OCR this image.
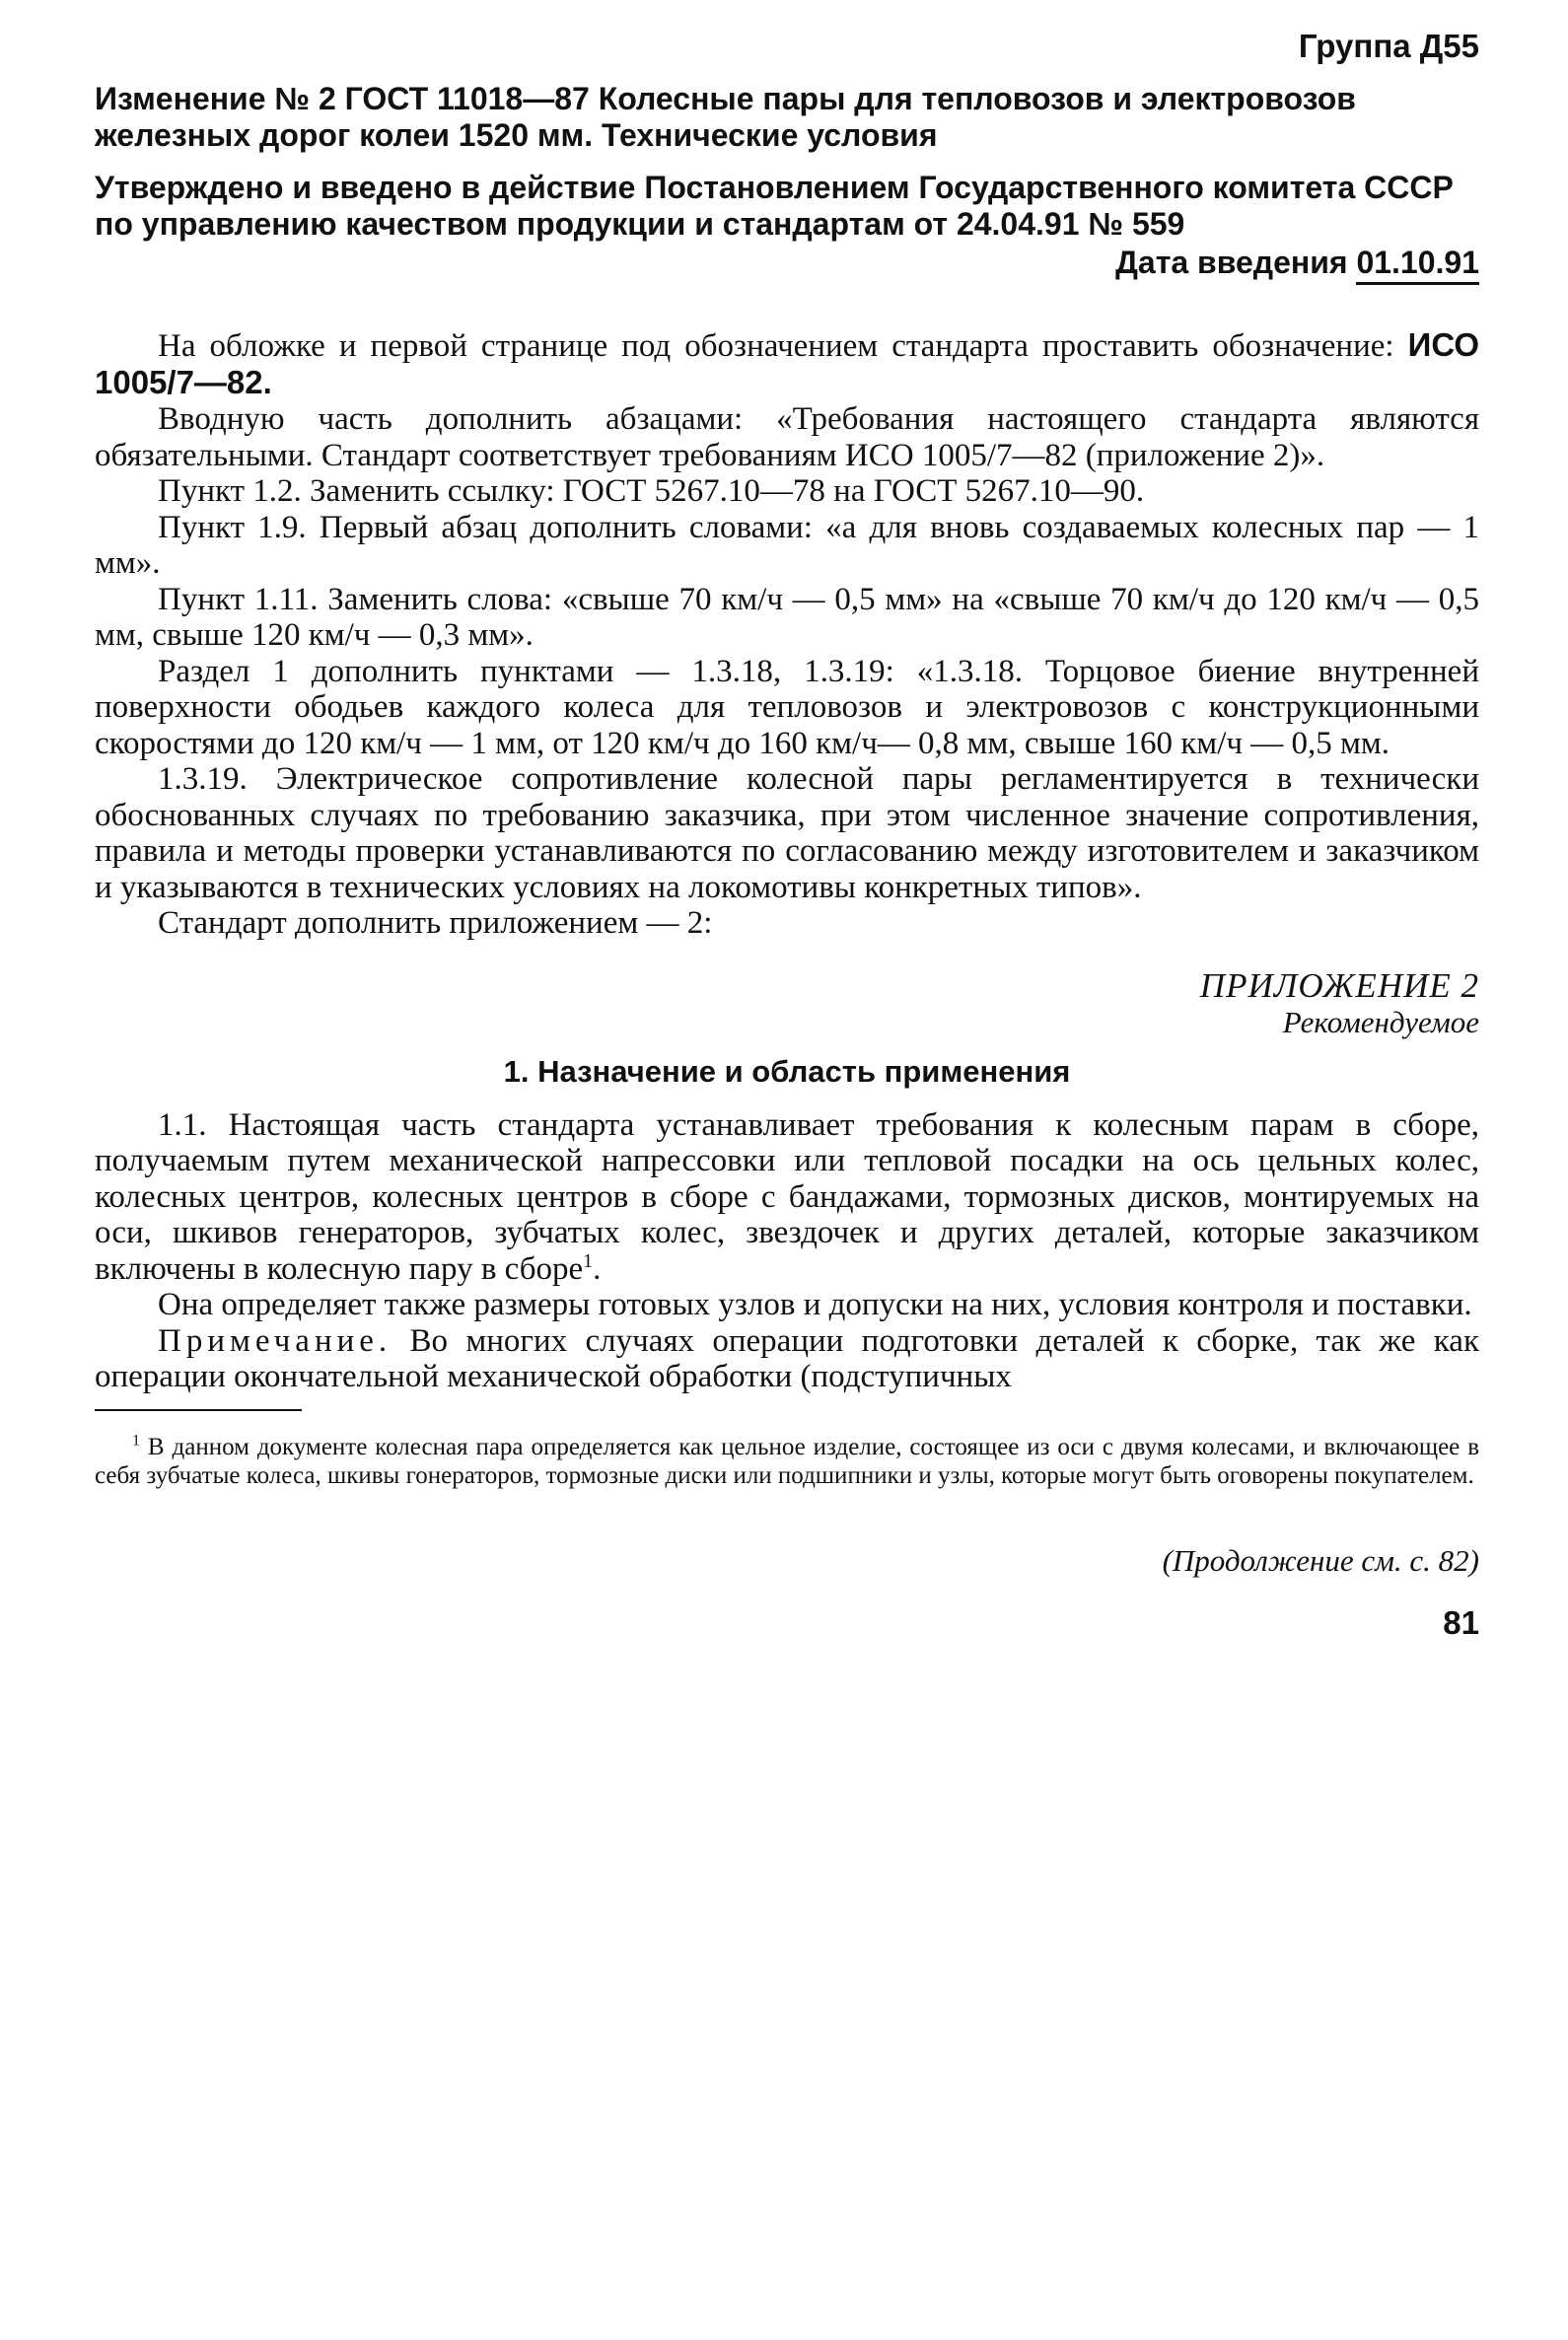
Группа Д55
Изменение № 2 ГОСТ 11018—87 Колесные пары для тепловозов и электровозов железных дорог колеи 1520 мм. Технические условия
Утверждено и введено в действие Постановлением Государственного комитета СССР по управлению качеством продукции и стандартам от 24.04.91 № 559
Дата введения 01.10.91

На обложке и первой странице под обозначением стандарта проставить обозначение: ИСО 1005/7—82.

Вводную часть дополнить абзацами: «Требования настоящего стандарта являются обязательными. Стандарт соответствует требованиям ИСО 1005/7—82 (приложение 2)».

Пункт 1.2. Заменить ссылку: ГОСТ 5267.10—78 на ГОСТ 5267.10—90.

Пункт 1.9. Первый абзац дополнить словами: «а для вновь создаваемых колесных пар — 1 мм».

Пункт 1.11. Заменить слова: «свыше 70 км/ч — 0,5 мм» на «свыше 70 км/ч до 120 км/ч — 0,5 мм, свыше 120 км/ч — 0,3 мм».

Раздел 1 дополнить пунктами — 1.3.18, 1.3.19: «1.3.18. Торцовое биение внутренней поверхности ободьев каждого колеса для тепловозов и электровозов с конструкционными скоростями до 120 км/ч — 1 мм, от 120 км/ч до 160 км/ч— 0,8 мм, свыше 160 км/ч — 0,5 мм.

1.3.19. Электрическое сопротивление колесной пары регламентируется в технически обоснованных случаях по требованию заказчика, при этом численное значение сопротивления, правила и методы проверки устанавливаются по согласованию между изготовителем и заказчиком и указываются в технических условиях на локомотивы конкретных типов».

Стандарт дополнить приложением — 2:

ПРИЛОЖЕНИЕ 2
Рекомендуемое
1. Назначение и область применения

1.1. Настоящая часть стандарта устанавливает требования к колесным парам в сборе, получаемым путем механической напрессовки или тепловой посадки на ось цельных колес, колесных центров, колесных центров в сборе с бандажами, тормозных дисков, монтируемых на оси, шкивов генераторов, зубчатых колес, звездочек и других деталей, которые заказчиком включены в колесную пару в сборе$^1$.

Она определяет также размеры готовых узлов и допуски на них, условия контроля и поставки.

Примечание. Во многих случаях операции подготовки деталей к сборке, так же как операции окончательной механической обработки (подступичных

$^1$ В данном документе колесная пара определяется как цельное изделие, состоящее из оси с двумя колесами, и включающее в себя зубчатые колеса, шкивы гонераторов, тормозные диски или подшипники и узлы, которые могут быть оговорены покупателем.
(Продолжение см. с. 82)
81
